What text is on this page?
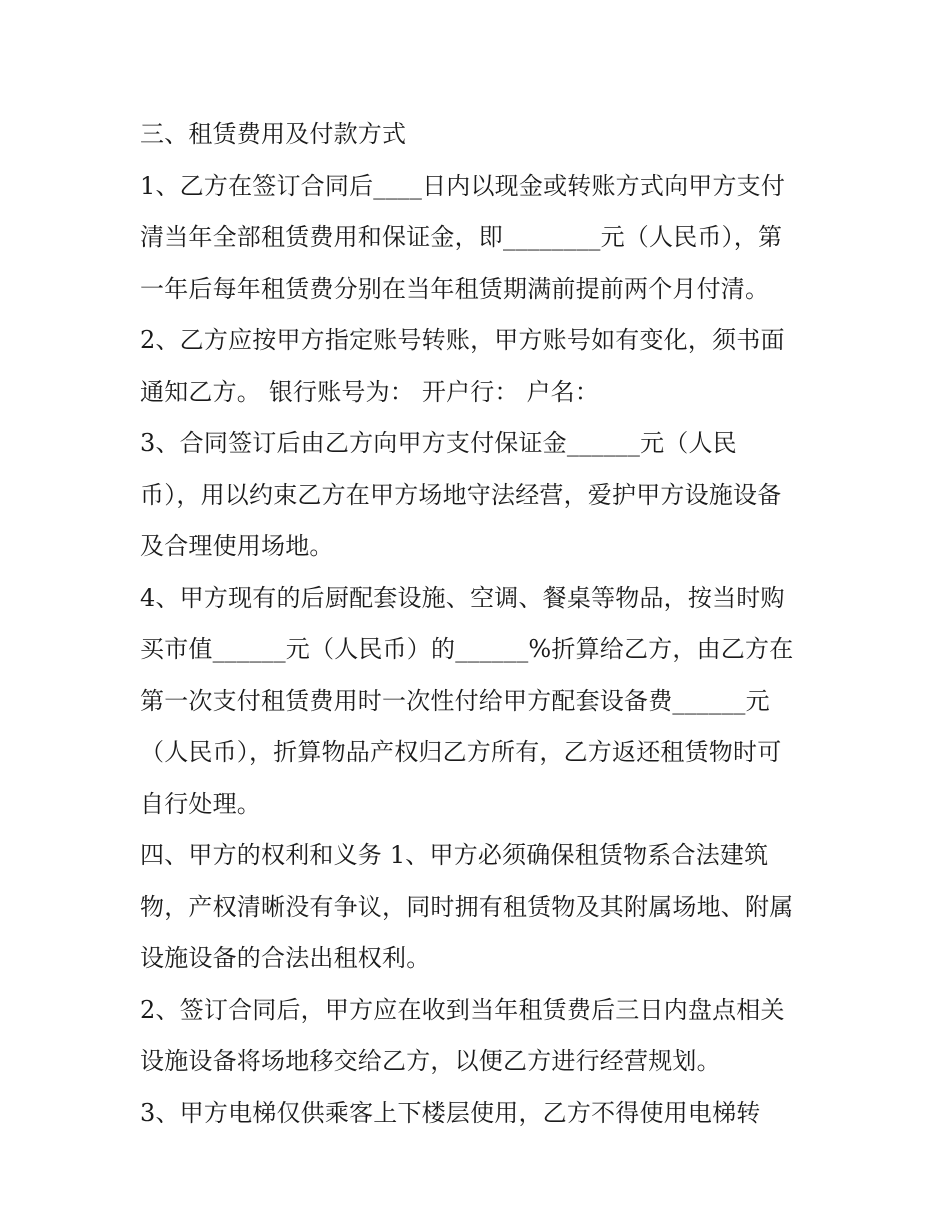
三、租赁费用及付款方式
1、乙方在签订合同后____日内以现金或转账方式向甲方支付
清当年全部租赁费用和保证金，即________元（人民币），第
一年后每年租赁费分别在当年租赁期满前提前两个月付清。
2、乙方应按甲方指定账号转账，甲方账号如有变化，须书面
通知乙方。 银行账号为： 开户行： 户名：
3、合同签订后由乙方向甲方支付保证金______元（人民
币），用以约束乙方在甲方场地守法经营，爱护甲方设施设备
及合理使用场地。
4、甲方现有的后厨配套设施、空调、餐桌等物品，按当时购
买市值______元（人民币）的______%折算给乙方，由乙方在
第一次支付租赁费用时一次性付给甲方配套设备费______元
（人民币），折算物品产权归乙方所有，乙方返还租赁物时可
自行处理。
四、甲方的权利和义务 1、甲方必须确保租赁物系合法建筑
物，产权清晰没有争议，同时拥有租赁物及其附属场地、附属
设施设备的合法出租权利。
2、签订合同后，甲方应在收到当年租赁费后三日内盘点相关
设施设备将场地移交给乙方，以便乙方进行经营规划。
3、甲方电梯仅供乘客上下楼层使用，乙方不得使用电梯转
